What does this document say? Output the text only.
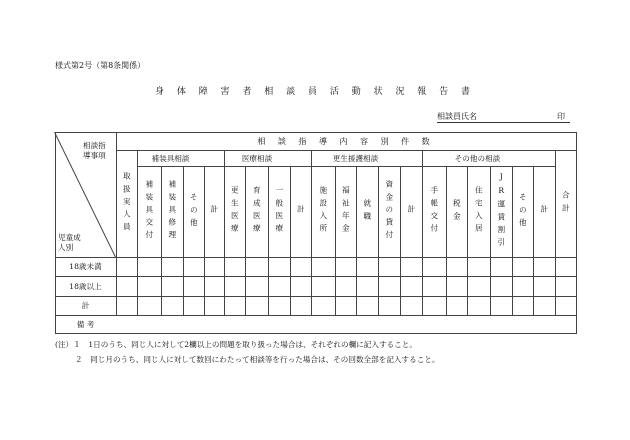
様式第2号（第8条関係）
身 体 障 害 者 相 談 員 活 動 状 況 報 告 書
相談員氏名	印
相談指導事項
児童成人別
相 談 指 導 内 容 別 件 数
補装具相談	医療相談	更生援護相談	その他の相談
取扱実人員 補装具交付 補装具修理 その他 計 更生医療 育成医療 一般医療 計 施設入所 福祉年金 就職 資金の貸付 計 手帳交付 税金 住宅入居 JR運賃割引 その他 計 合計
18歳未満
18歳以上
計
備 考
(注）１　1日のうち、同じ人に対して2欄以上の問題を取り扱った場合は、それぞれの欄に記入すること。
２　同じ月のうち、同じ人に対して数回にわたって相談等を行った場合は、その回数全部を記入すること。
